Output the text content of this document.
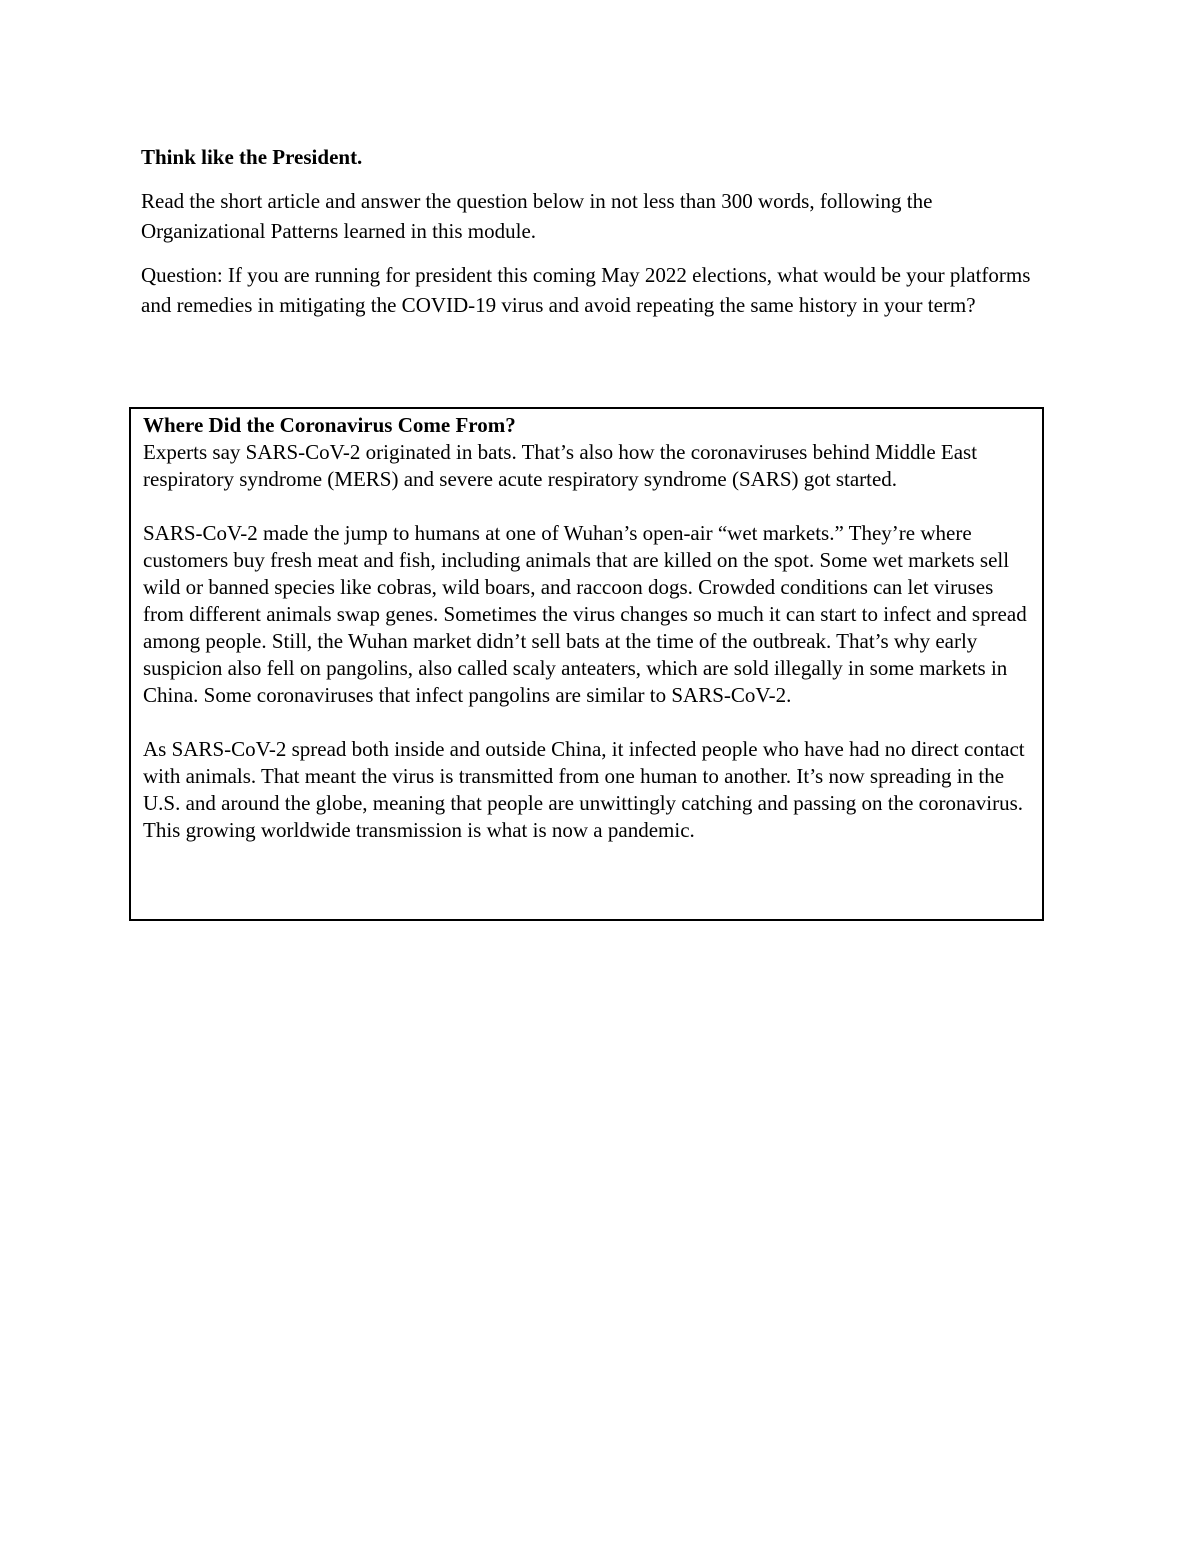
Think like the President.

Read the short article and answer the question below in not less than 300 words, following the Organizational Patterns learned in this module.

Question: If you are running for president this coming May 2022 elections, what would be your platforms and remedies in mitigating the COVID-19 virus and avoid repeating the same history in your term?

Where Did the Coronavirus Come From?

Experts say SARS-CoV-2 originated in bats. That’s also how the coronaviruses behind Middle East respiratory syndrome (MERS) and severe acute respiratory syndrome (SARS) got started.

SARS-CoV-2 made the jump to humans at one of Wuhan’s open-air “wet markets.” They’re where customers buy fresh meat and fish, including animals that are killed on the spot. Some wet markets sell wild or banned species like cobras, wild boars, and raccoon dogs. Crowded conditions can let viruses from different animals swap genes. Sometimes the virus changes so much it can start to infect and spread among people. Still, the Wuhan market didn’t sell bats at the time of the outbreak. That’s why early suspicion also fell on pangolins, also called scaly anteaters, which are sold illegally in some markets in China. Some coronaviruses that infect pangolins are similar to SARS-CoV-2.

As SARS-CoV-2 spread both inside and outside China, it infected people who have had no direct contact with animals. That meant the virus is transmitted from one human to another. It’s now spreading in the U.S. and around the globe, meaning that people are unwittingly catching and passing on the coronavirus. This growing worldwide transmission is what is now a pandemic.
